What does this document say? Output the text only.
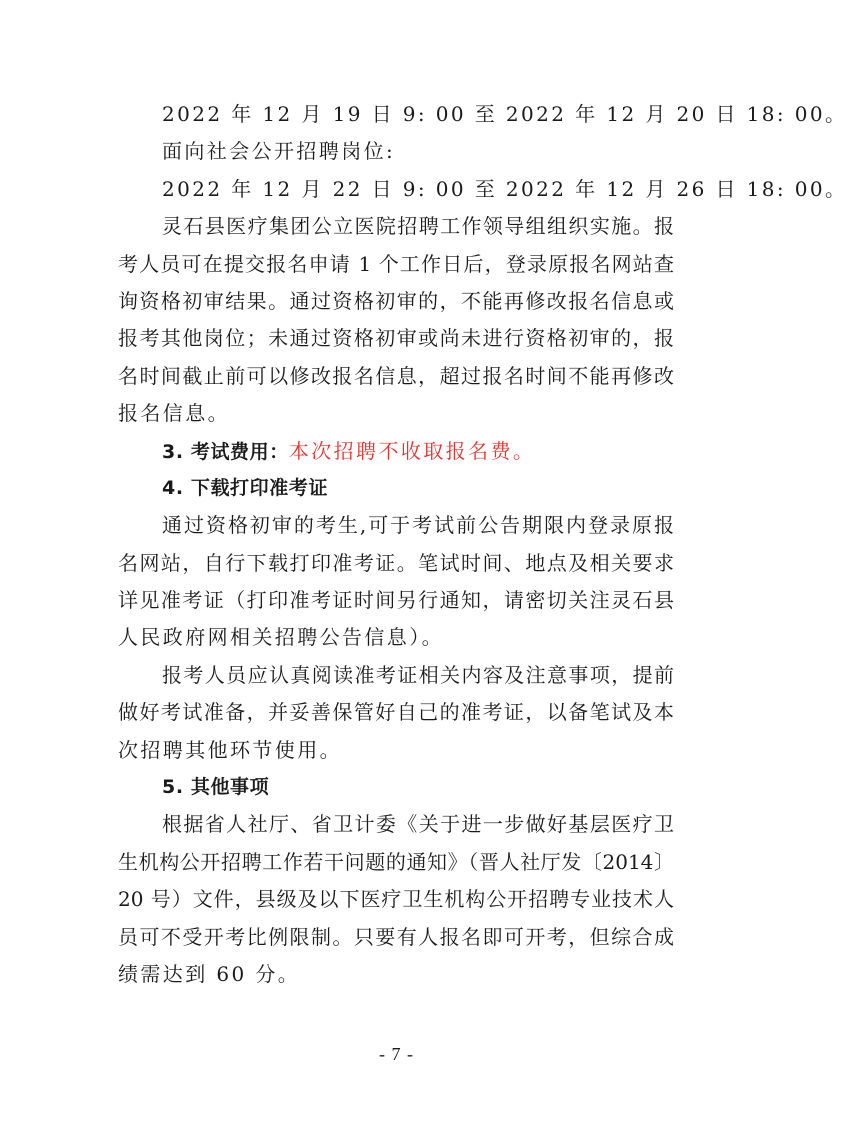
2022 年 12 月 19 日 9: 00 至 2022 年 12 月 20 日 18: 00。
面向社会公开招聘岗位:
2022 年 12 月 22 日 9: 00 至 2022 年 12 月 26 日 18: 00。
灵石县医疗集团公立医院招聘工作领导组组织实施。报
考人员可在提交报名申请 1 个工作日后，登录原报名网站查
询资格初审结果。通过资格初审的，不能再修改报名信息或
报考其他岗位；未通过资格初审或尚未进行资格初审的，报
名时间截止前可以修改报名信息，超过报名时间不能再修改
报名信息。
3. 考试费用：本次招聘不收取报名费。
4. 下载打印准考证
通过资格初审的考生,可于考试前公告期限内登录原报
名网站，自行下载打印准考证。笔试时间、地点及相关要求
详见准考证（打印准考证时间另行通知，请密切关注灵石县
人民政府网相关招聘公告信息）。
报考人员应认真阅读准考证相关内容及注意事项，提前
做好考试准备，并妥善保管好自己的准考证，以备笔试及本
次招聘其他环节使用。
5. 其他事项
根据省人社厅、省卫计委《关于进一步做好基层医疗卫
生机构公开招聘工作若干问题的通知》（晋人社厅发〔2014〕
20 号）文件，县级及以下医疗卫生机构公开招聘专业技术人
员可不受开考比例限制。只要有人报名即可开考，但综合成
绩需达到 60 分。
- 7 -
